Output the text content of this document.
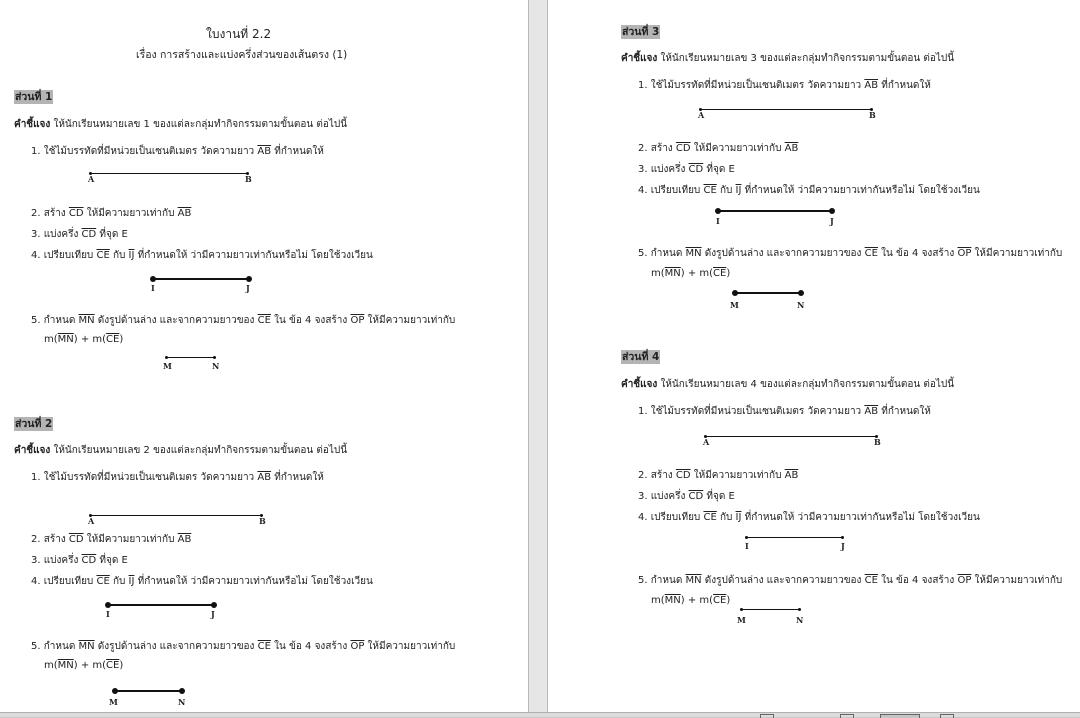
ใบงานที่ 2.2
เรื่อง การสร้างและแบ่งครึ่งส่วนของเส้นตรง (1)
ส่วนที่ 1
คำชี้แจง ให้นักเรียนหมายเลข 1 ของแต่ละกลุ่มทำกิจกรรมตามขั้นตอน ต่อไปนี้
1. ใช้ไม้บรรทัดที่มีหน่วยเป็นเซนติเมตร วัดความยาว $\overline{AB}$ ที่กำหนดให้
A	B
2. สร้าง $\overline{CD}$ ให้มีความยาวเท่ากับ $\overline{AB}$
3. แบ่งครึ่ง $\overline{CD}$ ที่จุด E
4. เปรียบเทียบ $\overline{CE}$ กับ $\overline{IJ}$ ที่กำหนดให้ ว่ามีความยาวเท่ากันหรือไม่ โดยใช้วงเวียน
I	J
5. กำหนด $\overline{MN}$ ดังรูปด้านล่าง และจากความยาวของ $\overline{CE}$ ใน ข้อ 4 จงสร้าง $\overline{OP}$ ให้มีความยาวเท่ากับ
$m(\overline{MN}) + m(\overline{CE})$
M	N
ส่วนที่ 2
คำชี้แจง ให้นักเรียนหมายเลข 2 ของแต่ละกลุ่มทำกิจกรรมตามขั้นตอน ต่อไปนี้
1. ใช้ไม้บรรทัดที่มีหน่วยเป็นเซนติเมตร วัดความยาว $\overline{AB}$ ที่กำหนดให้
A	B
2. สร้าง $\overline{CD}$ ให้มีความยาวเท่ากับ $\overline{AB}$
3. แบ่งครึ่ง $\overline{CD}$ ที่จุด E
4. เปรียบเทียบ $\overline{CE}$ กับ $\overline{IJ}$ ที่กำหนดให้ ว่ามีความยาวเท่ากันหรือไม่ โดยใช้วงเวียน
I	J
5. กำหนด $\overline{MN}$ ดังรูปด้านล่าง และจากความยาวของ $\overline{CE}$ ใน ข้อ 4 จงสร้าง $\overline{OP}$ ให้มีความยาวเท่ากับ
$m(\overline{MN}) + m(\overline{CE})$
M	N
ส่วนที่ 3
คำชี้แจง ให้นักเรียนหมายเลข 3 ของแต่ละกลุ่มทำกิจกรรมตามขั้นตอน ต่อไปนี้
1. ใช้ไม้บรรทัดที่มีหน่วยเป็นเซนติเมตร วัดความยาว $\overline{AB}$ ที่กำหนดให้
A	B
2. สร้าง $\overline{CD}$ ให้มีความยาวเท่ากับ $\overline{AB}$
3. แบ่งครึ่ง $\overline{CD}$ ที่จุด E
4. เปรียบเทียบ $\overline{CE}$ กับ $\overline{IJ}$ ที่กำหนดให้ ว่ามีความยาวเท่ากันหรือไม่ โดยใช้วงเวียน
I	J
5. กำหนด $\overline{MN}$ ดังรูปด้านล่าง และจากความยาวของ $\overline{CE}$ ใน ข้อ 4 จงสร้าง $\overline{OP}$ ให้มีความยาวเท่ากับ
$m(\overline{MN}) + m(\overline{CE})$
M	N
ส่วนที่ 4
คำชี้แจง ให้นักเรียนหมายเลข 4 ของแต่ละกลุ่มทำกิจกรรมตามขั้นตอน ต่อไปนี้
1. ใช้ไม้บรรทัดที่มีหน่วยเป็นเซนติเมตร วัดความยาว $\overline{AB}$ ที่กำหนดให้
A	B
2. สร้าง $\overline{CD}$ ให้มีความยาวเท่ากับ $\overline{AB}$
3. แบ่งครึ่ง $\overline{CD}$ ที่จุด E
4. เปรียบเทียบ $\overline{CE}$ กับ $\overline{IJ}$ ที่กำหนดให้ ว่ามีความยาวเท่ากันหรือไม่ โดยใช้วงเวียน
I	J
5. กำหนด $\overline{MN}$ ดังรูปด้านล่าง และจากความยาวของ $\overline{CE}$ ใน ข้อ 4 จงสร้าง $\overline{OP}$ ให้มีความยาวเท่ากับ
$m(\overline{MN}) + m(\overline{CE})$
M	N
